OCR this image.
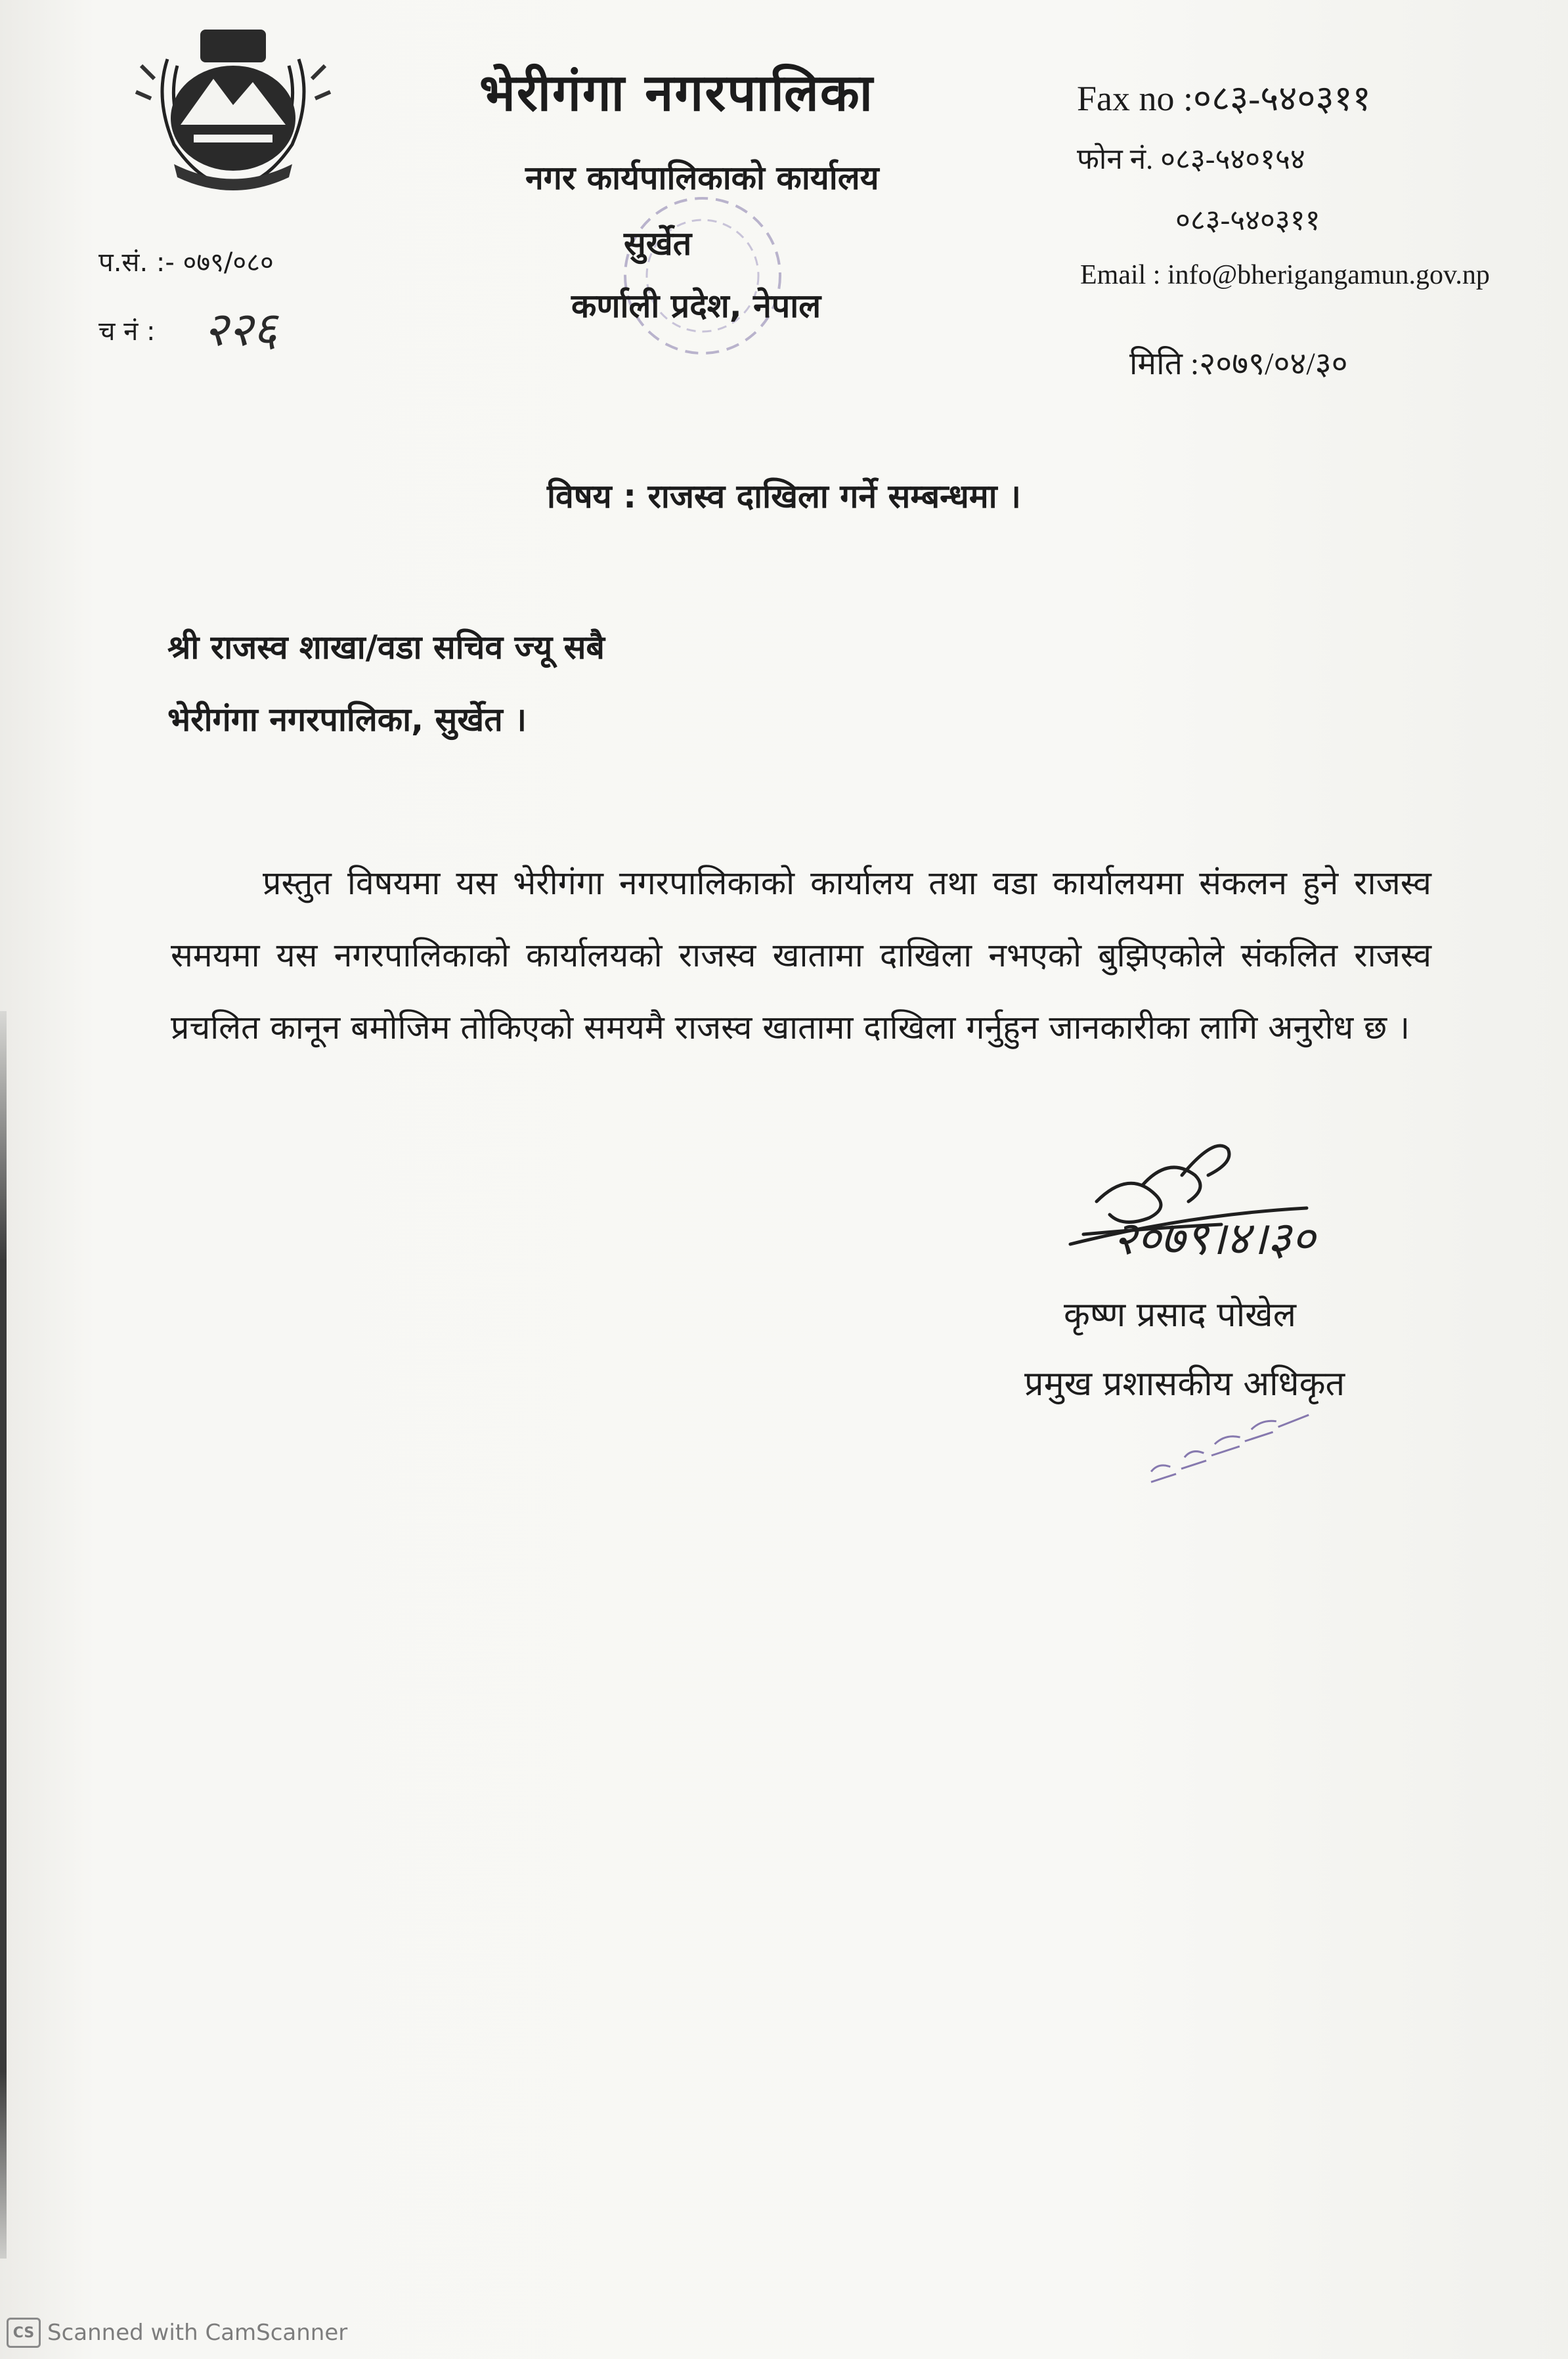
भेरीगंगा नगरपालिका
नगर कार्यपालिकाको कार्यालय
सुर्खेत
कर्णाली प्रदेश, नेपाल
Fax no :०८३-५४०३११
फोन नं. ०८३-५४०१५४
०८३-५४०३११
Email : info@bherigangamun.gov.np
मिति :२०७९/०४/३०
प.सं. :- ०७९/०८०
च नं : २२६
विषय : राजस्व दाखिला गर्ने सम्बन्धमा ।
श्री राजस्व शाखा/वडा सचिव ज्यू सबै
भेरीगंगा नगरपालिका, सुर्खेत ।
प्रस्तुत विषयमा यस भेरीगंगा नगरपालिकाको कार्यालय तथा वडा कार्यालयमा संकलन हुने राजस्व समयमा यस नगरपालिकाको कार्यालयको राजस्व खातामा दाखिला नभएको बुझिएकोले संकलित राजस्व प्रचलित कानून बमोजिम तोकिएको समयमै राजस्व खातामा दाखिला गर्नुहुन जानकारीका लागि अनुरोध छ ।
२०७९।४।३०
कृष्ण प्रसाद पोखेल
प्रमुख प्रशासकीय अधिकृत
CS Scanned with CamScanner
